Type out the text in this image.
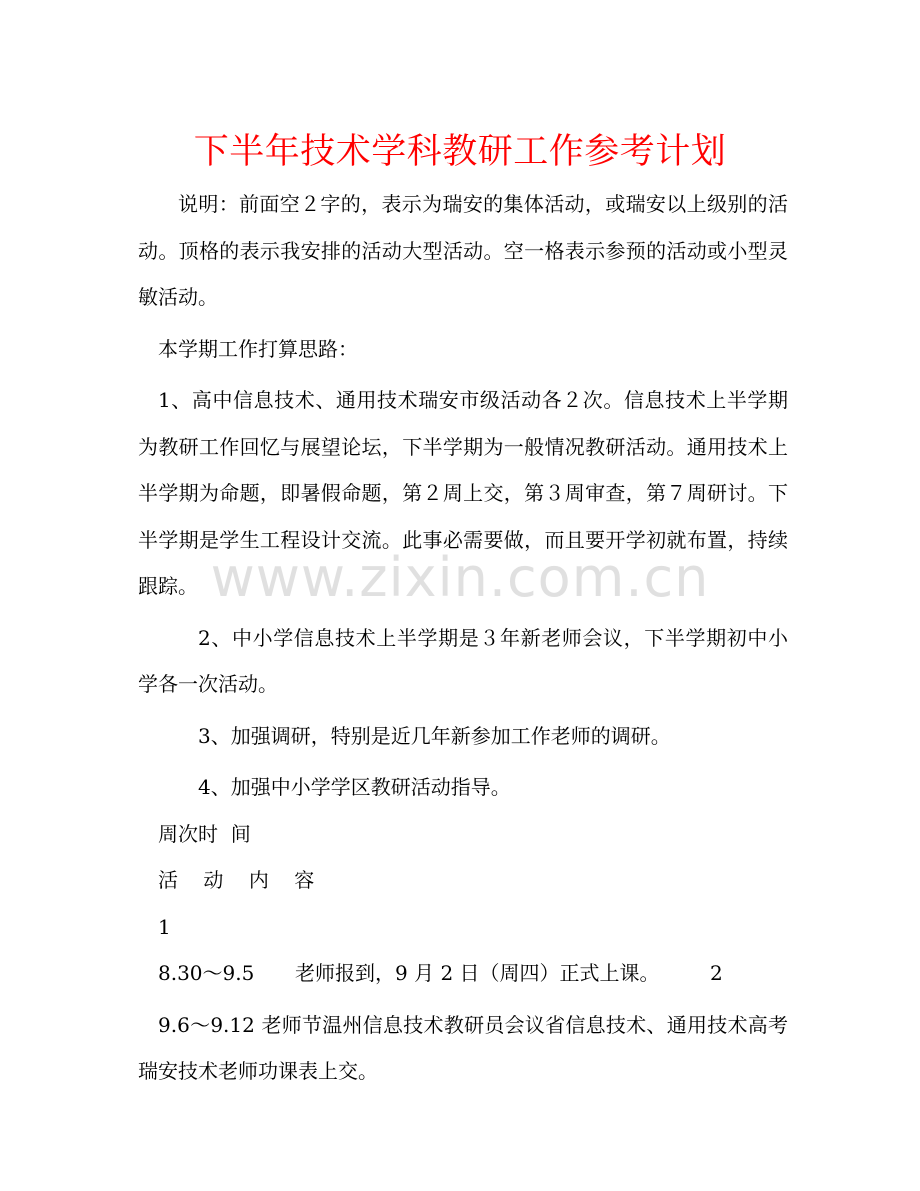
下半年技术学科教研工作参考计划

说明：前面空２字的，表示为瑞安的集体活动，或瑞安以上级别的活动。顶格的表示我安排的活动大型活动。空一格表示参预的活动或小型灵敏活动。

本学期工作打算思路：

1、高中信息技术、通用技术瑞安市级活动各２次。信息技术上半学期为教研工作回忆与展望论坛，下半学期为一般情况教研活动。通用技术上半学期为命题，即暑假命题，第２周上交，第３周审查，第７周研讨。下半学期是学生工程设计交流。此事必需要做，而且要开学初就布置，持续跟踪。

2、中小学信息技术上半学期是３年新老师会议，下半学期初中小学各一次活动。

3、加强调研，特别是近几年新参加工作老师的调研。

4、加强中小学学区教研活动指导。

周次时  间

活    动    内    容

1

8.30～9.5 老师报到，9 月 2 日（周四）正式上课。	2

9.6～9.12 老师节温州信息技术教研员会议省信息技术、通用技术高考瑞安技术老师功课表上交。

www.zixin.com.cn
